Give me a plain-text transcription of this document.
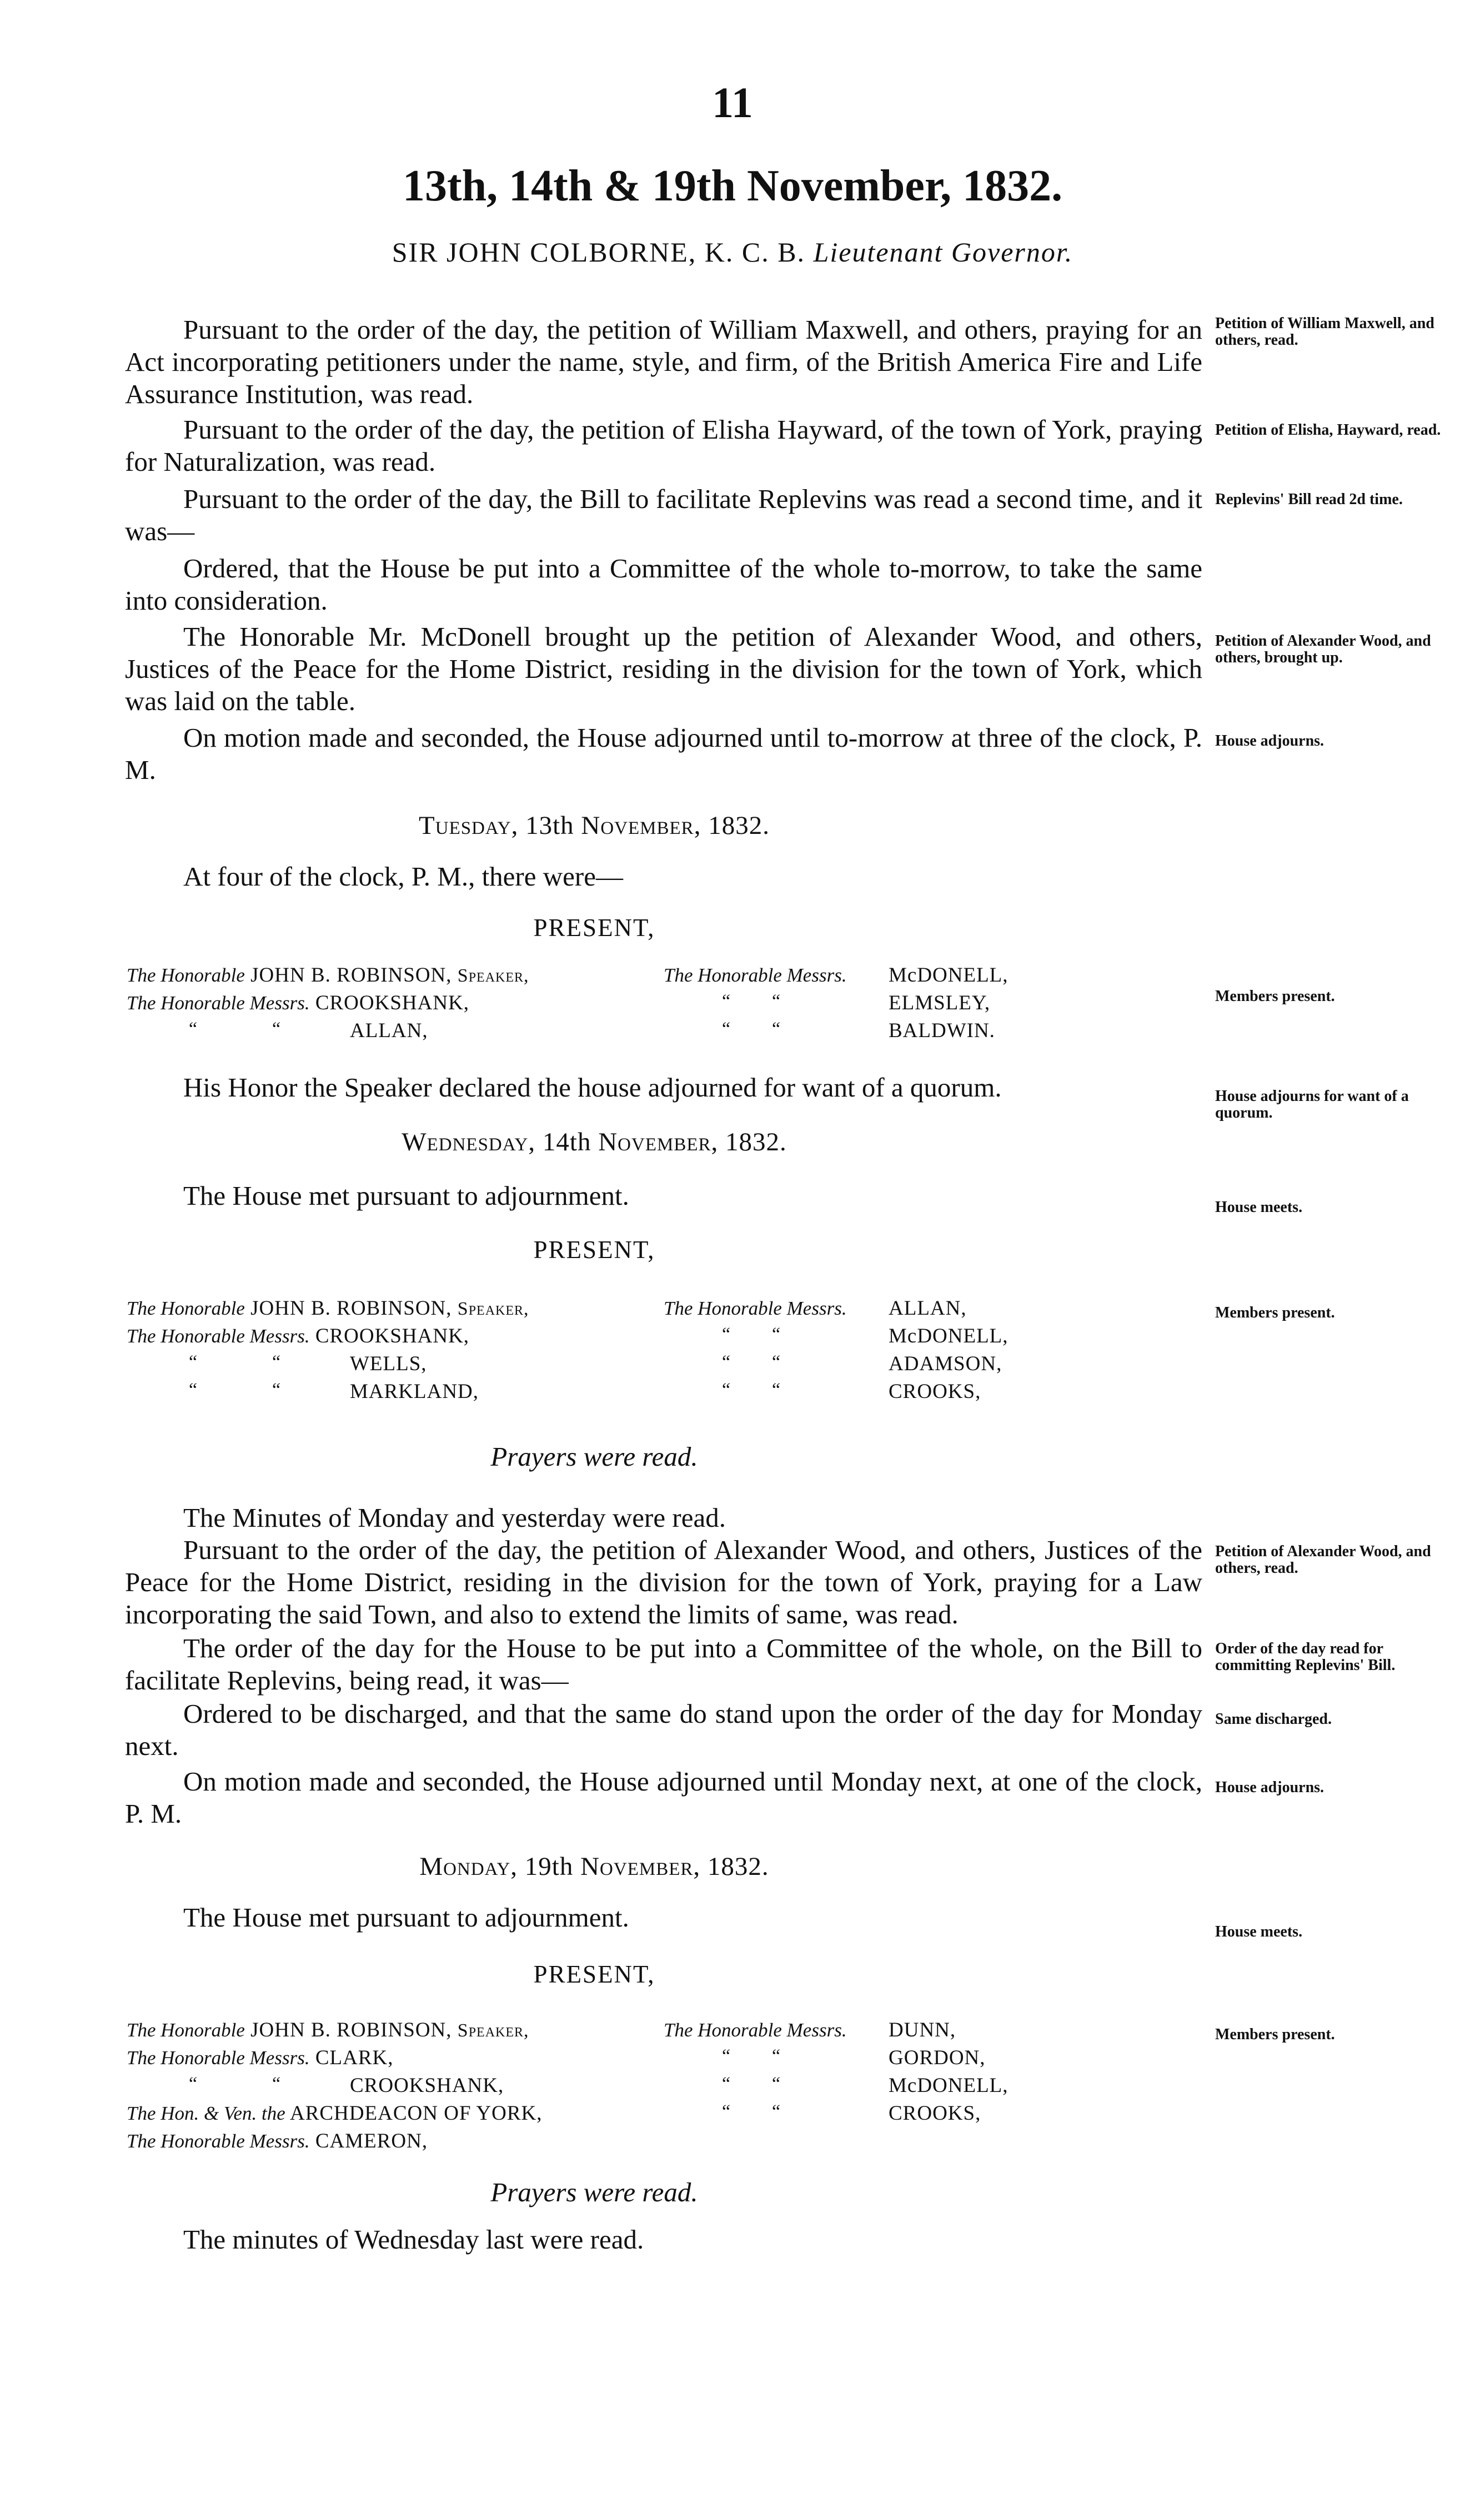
11
13th, 14th & 19th November, 1832.
SIR JOHN COLBORNE, K. C. B. Lieutenant Governor.
Pursuant to the order of the day, the petition of William Maxwell, and others, praying for an Act incorporating petitioners under the name, style, and firm, of the British America Fire and Life Assurance Institution, was read.
Petition of William Maxwell, and others, read.
Pursuant to the order of the day, the petition of Elisha Hayward, of the town of York, praying for Naturalization, was read.
Petition of Elisha, Hayward, read.
Pursuant to the order of the day, the Bill to facilitate Replevins was read a second time, and it was—
Replevins' Bill read 2d time.
Ordered, that the House be put into a Committee of the whole to-morrow, to take the same into consideration.
The Honorable Mr. McDonell brought up the petition of Alexander Wood, and others, Justices of the Peace for the Home District, residing in the division for the town of York, which was laid on the table.
Petition of Alexander Wood, and others, brought up.
On motion made and seconded, the House adjourned until to-morrow at three of the clock, P. M.
House adjourns.
Tuesday, 13th November, 1832.
At four of the clock, P. M., there were—
PRESENT,
The Honorable JOHN B. ROBINSON, Speaker,	The Honorable Messrs. McDONELL,
The Honorable Messrs. CROOKSHANK,	“ “	ELMSLEY,
“	“	ALLAN,	“ “	BALDWIN.
Members present.
His Honor the Speaker declared the house adjourned for want of a quorum.	House adjourns for want of a quorum.
Wednesday, 14th November, 1832.
The House met pursuant to adjournment.	House meets.
PRESENT,
The Honorable JOHN B. ROBINSON, Speaker,	The Honorable Messrs. ALLAN,	Members present.
The Honorable Messrs. CROOKSHANK,	“ “	McDONELL,
“	“	WELLS,	“ “	ADAMSON,
“	“	MARKLAND,	“ “	CROOKS,
Prayers were read.
The Minutes of Monday and yesterday were read.
Pursuant to the order of the day, the petition of Alexander Wood, and others, Justices of the Peace for the Home District, residing in the division for the town of York, praying for a Law incorporating the said Town, and also to extend the limits of same, was read.
Petition of Alexander Wood, and others, read.
The order of the day for the House to be put into a Committee of the whole, on the Bill to facilitate Replevins, being read, it was—
Order of the day read for committing Replevins' Bill.
Ordered to be discharged, and that the same do stand upon the order of the day for Monday next.
Same discharged.
On motion made and seconded, the House adjourned until Monday next, at one of the clock, P. M.
House adjourns.
Monday, 19th November, 1832.
The House met pursuant to adjournment.	House meets.
PRESENT,
The Honorable JOHN B. ROBINSON, Speaker,	The Honorable Messrs. DUNN,	Members present.
The Honorable Messrs. CLARK,	“ “	GORDON,
“	“	CROOKSHANK,	“ “	McDONELL,
The Hon. & Ven. the ARCHDEACON OF YORK,	“ “	CROOKS,
The Honorable Messrs. CAMERON,
Prayers were read.
The minutes of Wednesday last were read.
